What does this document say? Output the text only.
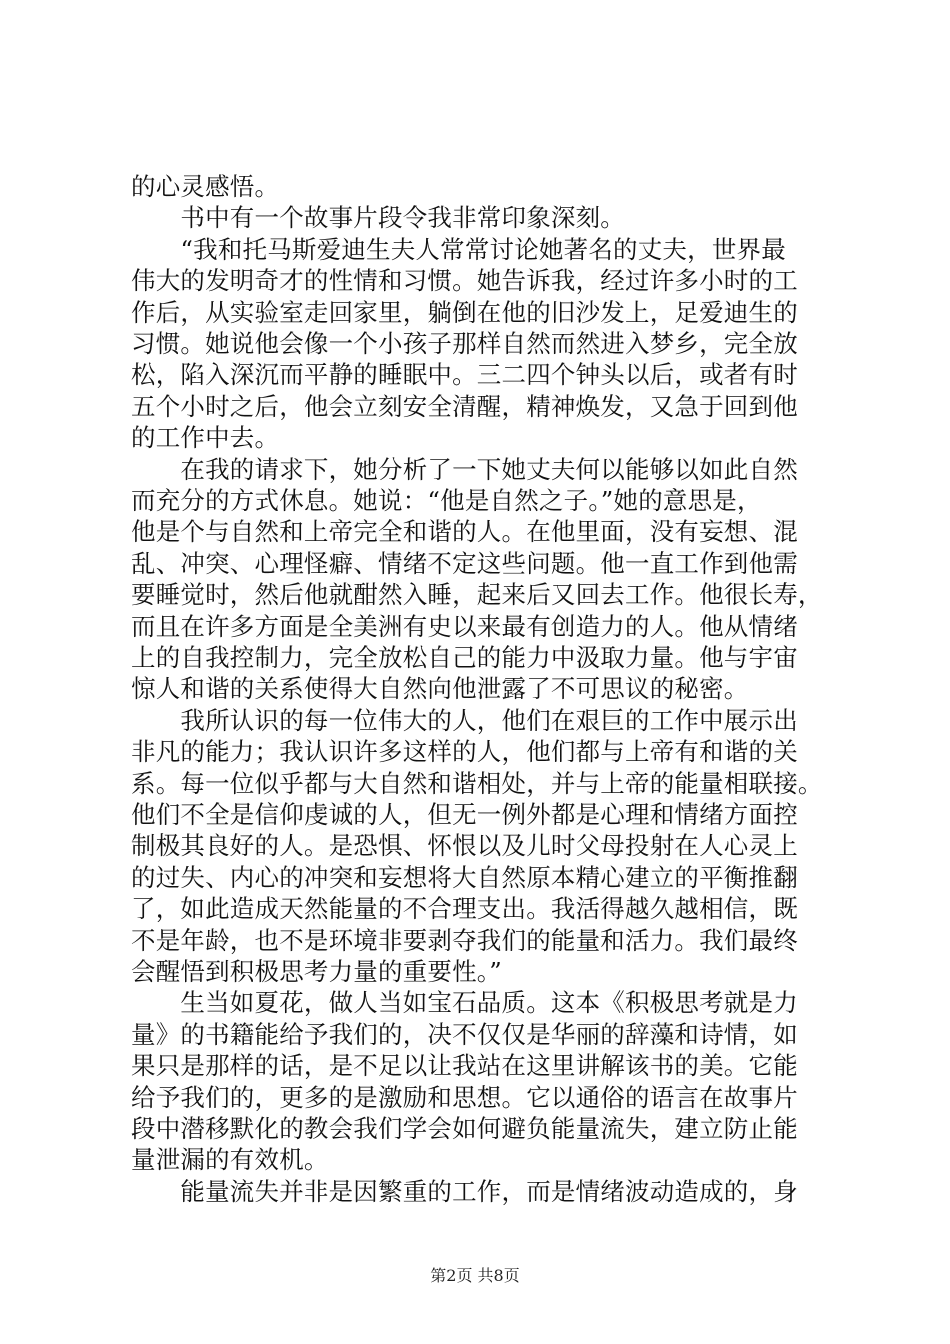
的心灵感悟。
　　书中有一个故事片段令我非常印象深刻。
　　“我和托马斯爱迪生夫人常常讨论她著名的丈夫，世界最
伟大的发明奇才的性情和习惯。她告诉我，经过许多小时的工
作后，从实验室走回家里，躺倒在他的旧沙发上，足爱迪生的
习惯。她说他会像一个小孩子那样自然而然进入梦乡，完全放
松，陷入深沉而平静的睡眠中。三二四个钟头以后，或者有时
五个小时之后，他会立刻安全清醒，精神焕发，又急于回到他
的工作中去。
　　在我的请求下，她分析了一下她丈夫何以能够以如此自然
而充分的方式休息。她说：“他是自然之子。”她的意思是，
他是个与自然和上帝完全和谐的人。在他里面，没有妄想、混
乱、冲突、心理怪癖、情绪不定这些问题。他一直工作到他需
要睡觉时，然后他就酣然入睡，起来后又回去工作。他很长寿，
而且在许多方面是全美洲有史以来最有创造力的人。他从情绪
上的自我控制力，完全放松自己的能力中汲取力量。他与宇宙
惊人和谐的关系使得大自然向他泄露了不可思议的秘密。
　　我所认识的每一位伟大的人，他们在艰巨的工作中展示出
非凡的能力；我认识许多这样的人，他们都与上帝有和谐的关
系。每一位似乎都与大自然和谐相处，并与上帝的能量相联接。
他们不全是信仰虔诚的人，但无一例外都是心理和情绪方面控
制极其良好的人。是恐惧、怀恨以及儿时父母投射在人心灵上
的过失、内心的冲突和妄想将大自然原本精心建立的平衡推翻
了，如此造成天然能量的不合理支出。我活得越久越相信，既
不是年龄，也不是环境非要剥夺我们的能量和活力。我们最终
会醒悟到积极思考力量的重要性。”
　　生当如夏花，做人当如宝石品质。这本《积极思考就是力
量》的书籍能给予我们的，决不仅仅是华丽的辞藻和诗情，如
果只是那样的话，是不足以让我站在这里讲解该书的美。它能
给予我们的，更多的是激励和思想。它以通俗的语言在故事片
段中潜移默化的教会我们学会如何避负能量流失，建立防止能
量泄漏的有效机。
　　能量流失并非是因繁重的工作，而是情绪波动造成的，身
第2页 共8页
